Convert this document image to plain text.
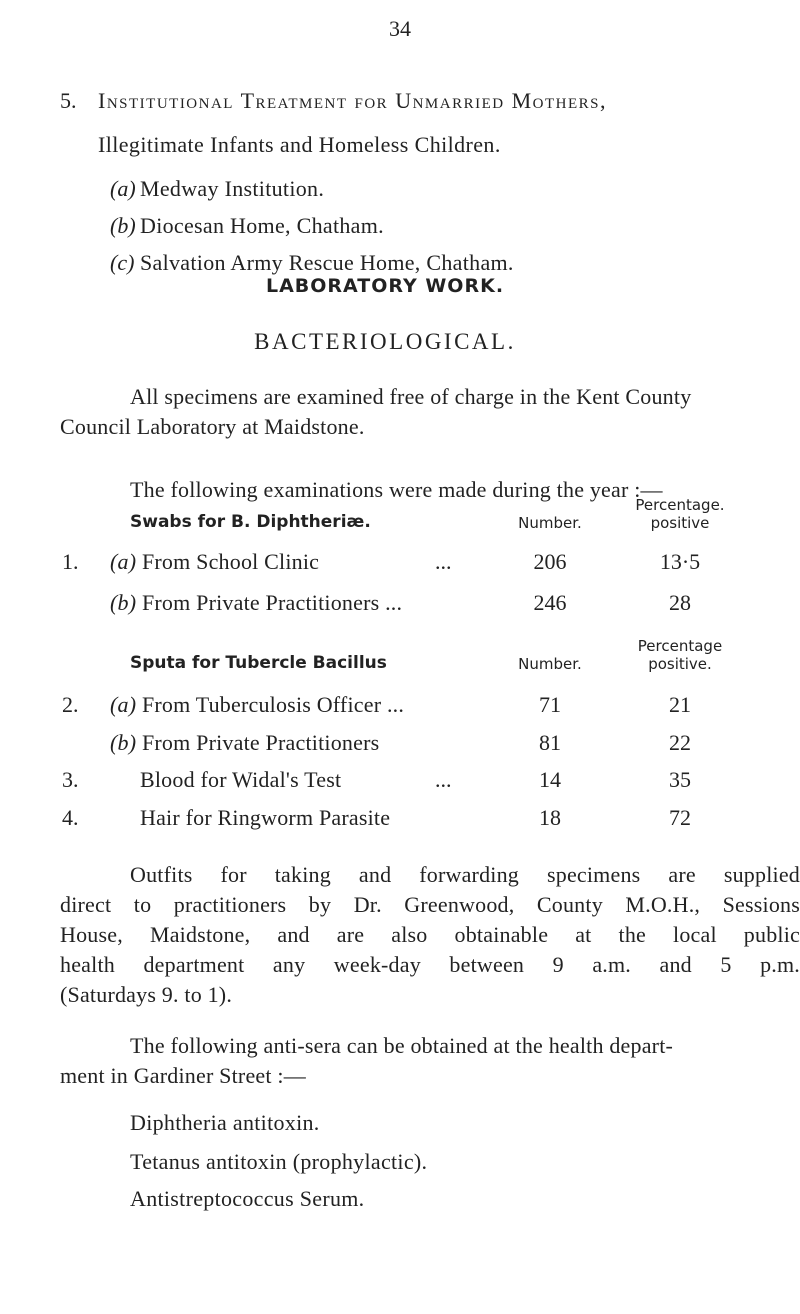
34
5. Institutional Treatment for Unmarried Mothers,
Illegitimate Infants and Homeless Children.
(a) Medway Institution.
(b) Diocesan Home, Chatham.
(c) Salvation Army Rescue Home, Chatham.
LABORATORY WORK.
BACTERIOLOGICAL.

All specimens are examined free of charge in the Kent County

Council Laboratory at Maidstone.

The following examinations were made during the year :—

Swabs for B. Diphtheriæ.	Number.
Percentage.
positive
1. (a) From School Clinic	...	206	13·5
(b) From Private Practitioners ...	246	28
Sputa for Tubercle Bacillus	Number.
Percentage
positive.
2. (a) From Tuberculosis Officer ...	71	21
(b) From Private Practitioners	81	22
3.	Blood for Widal's Test	...	14	35
4.	Hair for Ringworm Parasite	18	72

Outfits for taking and forwarding specimens are supplied

direct to practitioners by Dr. Greenwood, County M.O.H., Sessions

House, Maidstone, and are also obtainable at the local public

health department any week-day between 9 a.m. and 5 p.m.

(Saturdays 9. to 1).

The following anti-sera can be obtained at the health depart-

ment in Gardiner Street :—

Diphtheria antitoxin.
Tetanus antitoxin (prophylactic).
Antistreptococcus Serum.
